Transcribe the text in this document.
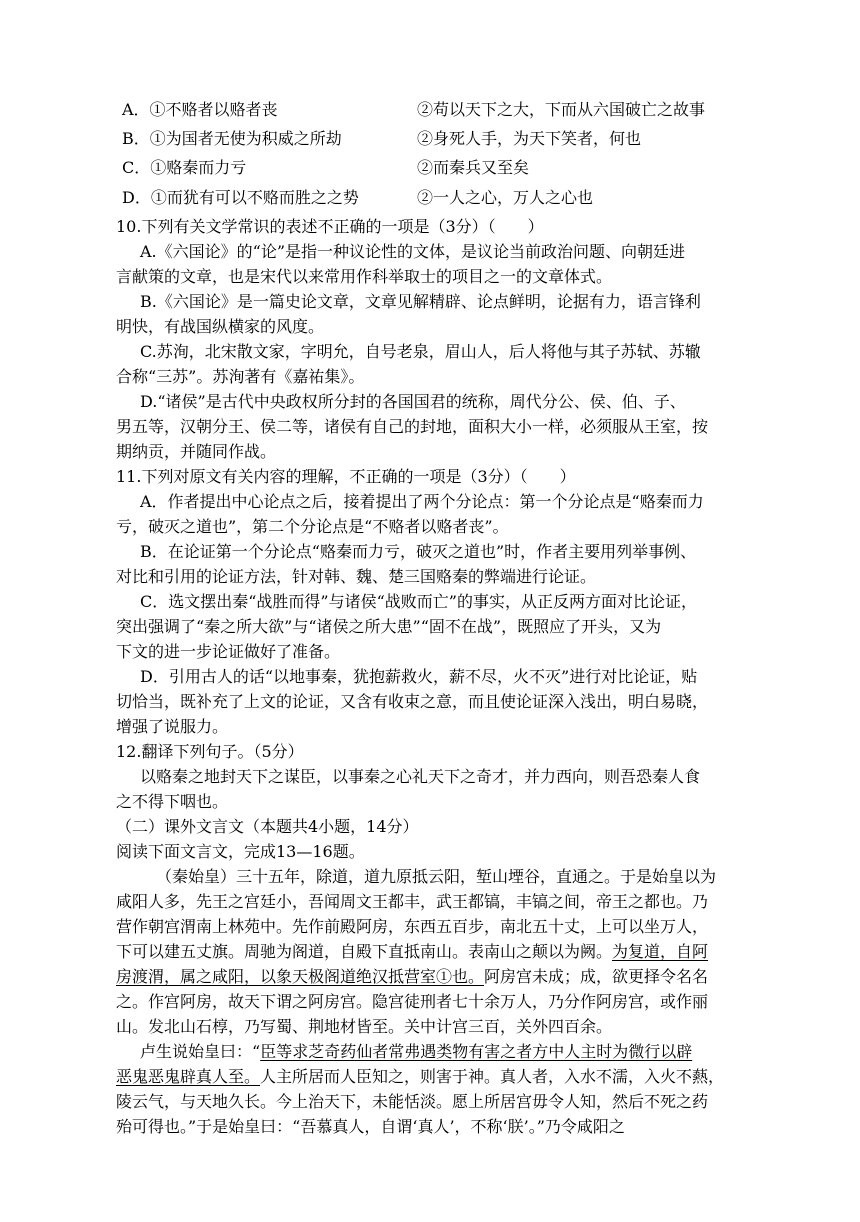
A．①不赂者以赂者丧	②苟以天下之大，下而从六国破亡之故事
B．①为国者无使为积威之所劫	②身死人手，为天下笑者，何也
C．①赂秦而力亏	②而秦兵又至矣
D．①而犹有可以不赂而胜之之势	②一人之心，万人之心也
10.下列有关文学常识的表述不正确的一项是（3分）（　　）
A.《六国论》的“论”是指一种议论性的文体，是议论当前政治问题、向朝廷进
言献策的文章，也是宋代以来常用作科举取士的项目之一的文章体式。
B.《六国论》是一篇史论文章，文章见解精辟、论点鲜明，论据有力，语言锋利
明快，有战国纵横家的风度。
C.苏洵，北宋散文家，字明允，自号老泉，眉山人，后人将他与其子苏轼、苏辙
合称“三苏”。苏洵著有《嘉祐集》。
D.“诸侯”是古代中央政权所分封的各国国君的统称，周代分公、侯、伯、子、
男五等，汉朝分王、侯二等，诸侯有自己的封地，面积大小一样，必须服从王室，按
期纳贡，并随同作战。
11.下列对原文有关内容的理解，不正确的一项是（3分）（　　）
A．作者提出中心论点之后，接着提出了两个分论点：第一个分论点是“赂秦而力
亏，破灭之道也”，第二个分论点是“不赂者以赂者丧”。
B．在论证第一个分论点“赂秦而力亏，破灭之道也”时，作者主要用列举事例、
对比和引用的论证方法，针对韩、魏、楚三国赂秦的弊端进行论证。
C．选文摆出秦“战胜而得”与诸侯“战败而亡”的事实，从正反两方面对比论证，
突出强调了“秦之所大欲”与“诸侯之所大患”“固不在战”，既照应了开头，又为
下文的进一步论证做好了准备。
D．引用古人的话“以地事秦，犹抱薪救火，薪不尽，火不灭”进行对比论证，贴
切恰当，既补充了上文的论证，又含有收束之意，而且使论证深入浅出，明白易晓，
增强了说服力。
12.翻译下列句子。（5分）
以赂秦之地封天下之谋臣，以事秦之心礼天下之奇才，并力西向，则吾恐秦人食
之不得下咽也。
（二）课外文言文（本题共4小题，14分）
阅读下面文言文，完成13—16题。
（秦始皇）三十五年，除道，道九原抵云阳，堑山堙谷，直通之。于是始皇以为
咸阳人多，先王之宫廷小，吾闻周文王都丰，武王都镐，丰镐之间，帝王之都也。乃
营作朝宫渭南上林苑中。先作前殿阿房，东西五百步，南北五十丈，上可以坐万人，
下可以建五丈旗。周驰为阁道，自殿下直抵南山。表南山之颠以为阙。为复道，自阿
房渡渭，属之咸阳，以象天极阁道绝汉抵营室①也。阿房宫未成；成，欲更择令名名
之。作宫阿房，故天下谓之阿房宫。隐宫徒刑者七十余万人，乃分作阿房宫，或作丽
山。发北山石椁，乃写蜀、荆地材皆至。关中计宫三百，关外四百余。
卢生说始皇曰：“臣等求芝奇药仙者常弗遇类物有害之者方中人主时为微行以辟
恶鬼恶鬼辟真人至。人主所居而人臣知之，则害于神。真人者，入水不濡，入火不爇，
陵云气，与天地久长。今上治天下，未能恬淡。愿上所居宫毋令人知，然后不死之药
殆可得也。”于是始皇曰：“吾慕真人，自谓‘真人’，不称‘朕’。”乃令咸阳之
